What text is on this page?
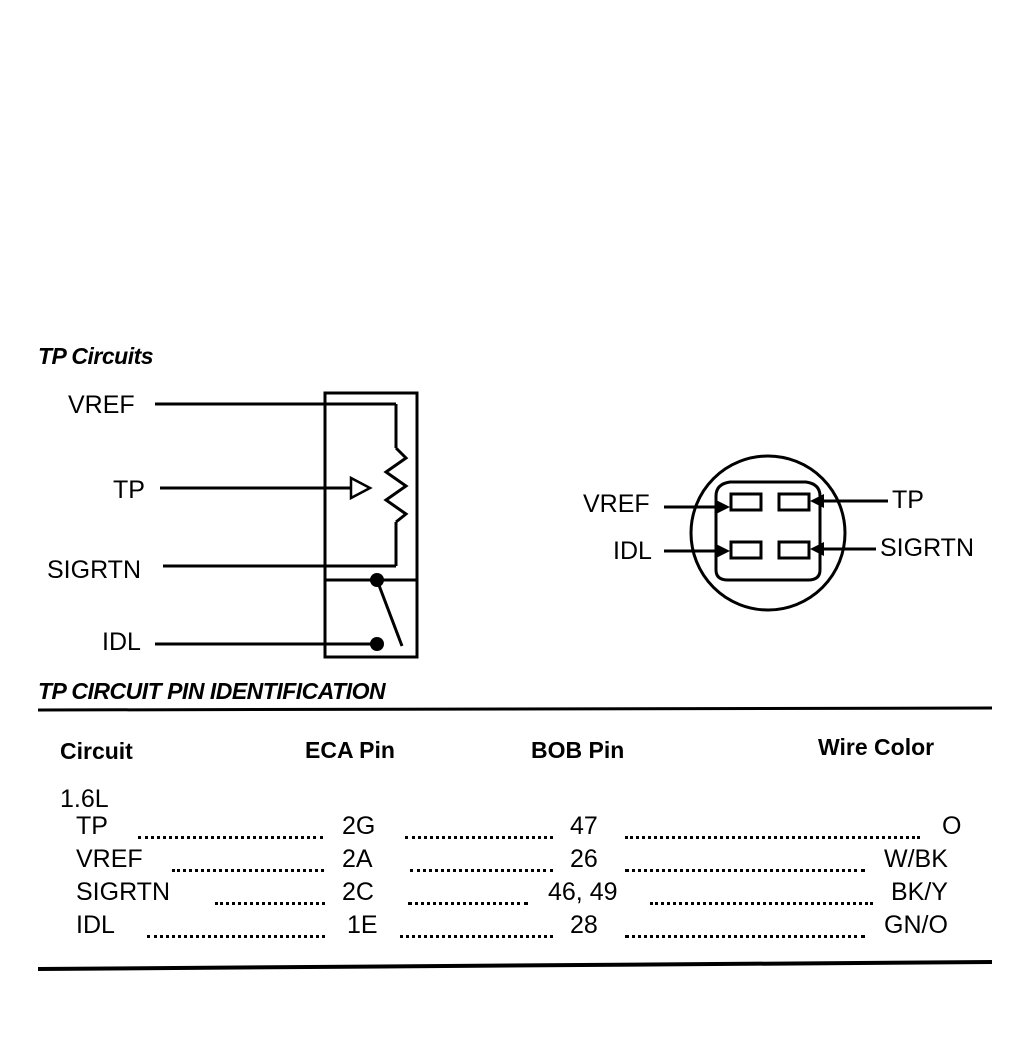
TP Circuits
VREF
TP
SIGRTN
IDL
VREF
IDL
TP
SIGRTN
TP CIRCUIT PIN IDENTIFICATION
Circuit	ECA Pin	BOB Pin	Wire Color
1.6L
TP	2G	47	O
VREF	2A	26	W/BK
SIGRTN	2C	46, 49	BK/Y
IDL	1E	28	GN/O
